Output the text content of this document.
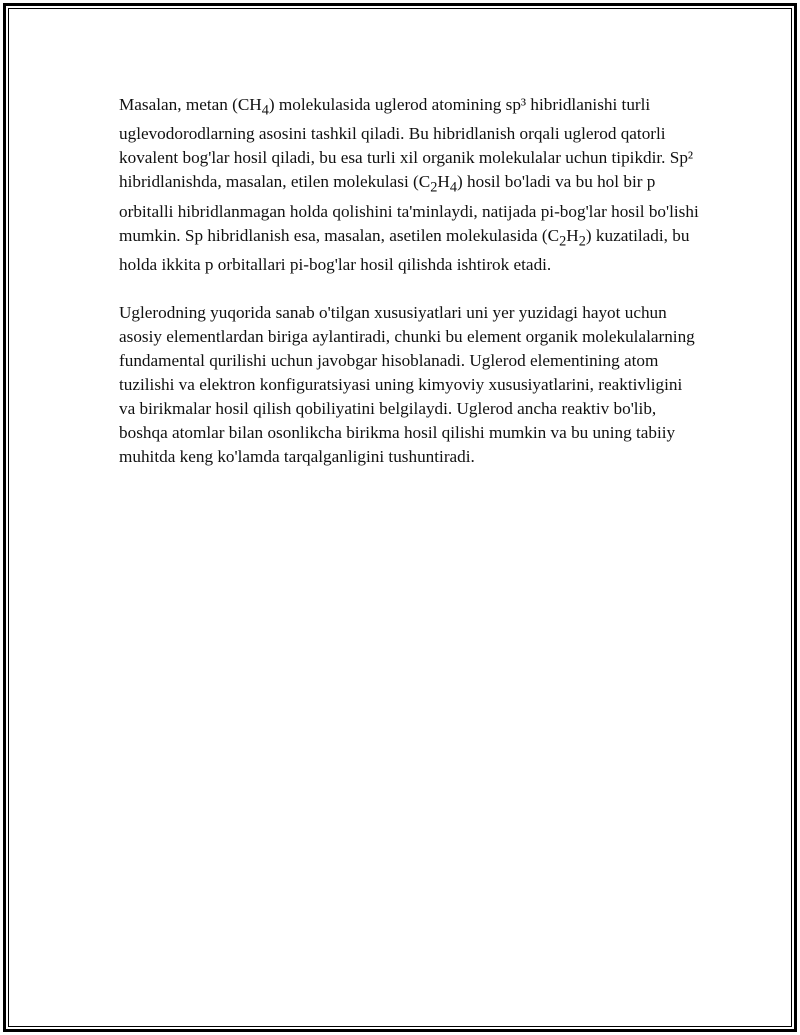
Masalan, metan $(CH_4)$ molekulasida uglerod atomining sp³ hibridlanishi turli uglevodorodlarning asosini tashkil qiladi. Bu hibridlanish orqali uglerod qatorli kovalent bog'lar hosil qiladi, bu esa turli xil organik molekulalar uchun tipikdir. Sp² hibridlanishda, masalan, etilen molekulasi $(C_2H_4)$ hosil bo'ladi va bu hol bir p orbitalli hibridlanmagan holda qolishini ta'minlaydi, natijada pi-bog'lar hosil bo'lishi mumkin. Sp hibridlanish esa, masalan, asetilen molekulasida $(C_2H_2)$ kuzatiladi, bu holda ikkita p orbitallari pi-bog'lar hosil qilishda ishtirok etadi.

Uglerodning yuqorida sanab o'tilgan xususiyatlari uni yer yuzidagi hayot uchun asosiy elementlardan biriga aylantiradi, chunki bu element organik molekulalarning fundamental qurilishi uchun javobgar hisoblanadi. Uglerod elementining atom tuzilishi va elektron konfiguratsiyasi uning kimyoviy xususiyatlarini, reaktivligini va birikmalar hosil qilish qobiliyatini belgilaydi. Uglerod ancha reaktiv bo'lib, boshqa atomlar bilan osonlikcha birikma hosil qilishi mumkin va bu uning tabiiy muhitda keng ko'lamda tarqalganligini tushuntiradi.
